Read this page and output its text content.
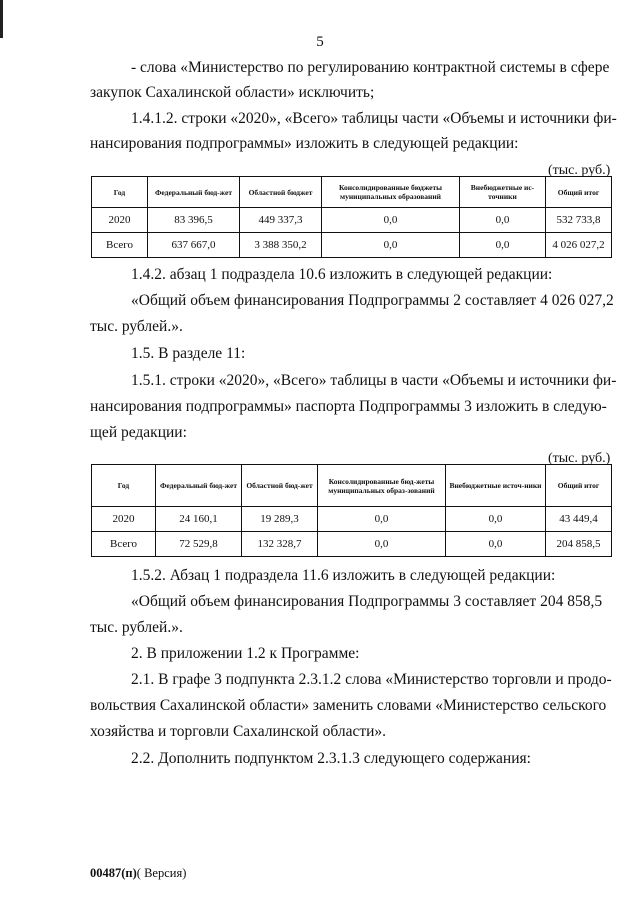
5
- слова «Министерство по регулированию контрактной системы в сфере
закупок Сахалинской области» исключить;
1.4.1.2. строки «2020», «Всего» таблицы части «Объемы и источники фи-
нансирования подпрограммы» изложить в следующей редакции:
(тыс. руб.)
Год	Федеральный бюд-жет	Областной бюджет	Консолидированные бюджеты муниципальных образований	Внебюджетные ис-точники	Общий итог
2020	83 396,5	449 337,3	0,0	0,0	532 733,8
Всего	637 667,0	3 388 350,2	0,0	0,0	4 026 027,2
1.4.2. абзац 1 подраздела 10.6 изложить в следующей редакции:
«Общий объем финансирования Подпрограммы 2 составляет 4 026 027,2
тыс. рублей.».
1.5. В разделе 11:
1.5.1. строки «2020», «Всего» таблицы в части «Объемы и источники фи-
нансирования подпрограммы» паспорта Подпрограммы 3 изложить в следую-
щей редакции:
(тыс. руб.)
Год	Федеральный бюд-жет	Областной бюд-жет	Консолидированные бюд-жеты муниципальных образ-зований	Внебюджетные источ-ники	Общий итог
2020	24 160,1	19 289,3	0,0	0,0	43 449,4
Всего	72 529,8	132 328,7	0,0	0,0	204 858,5
1.5.2. Абзац 1 подраздела 11.6 изложить в следующей редакции:
«Общий объем финансирования Подпрограммы 3 составляет 204 858,5
тыс. рублей.».
2. В приложении 1.2 к Программе:
2.1. В графе 3 подпункта 2.3.1.2 слова «Министерство торговли и продо-
вольствия Сахалинской области» заменить словами «Министерство сельского
хозяйства и торговли Сахалинской области».
2.2. Дополнить подпунктом 2.3.1.3 следующего содержания:
00487(п)( Версия)
